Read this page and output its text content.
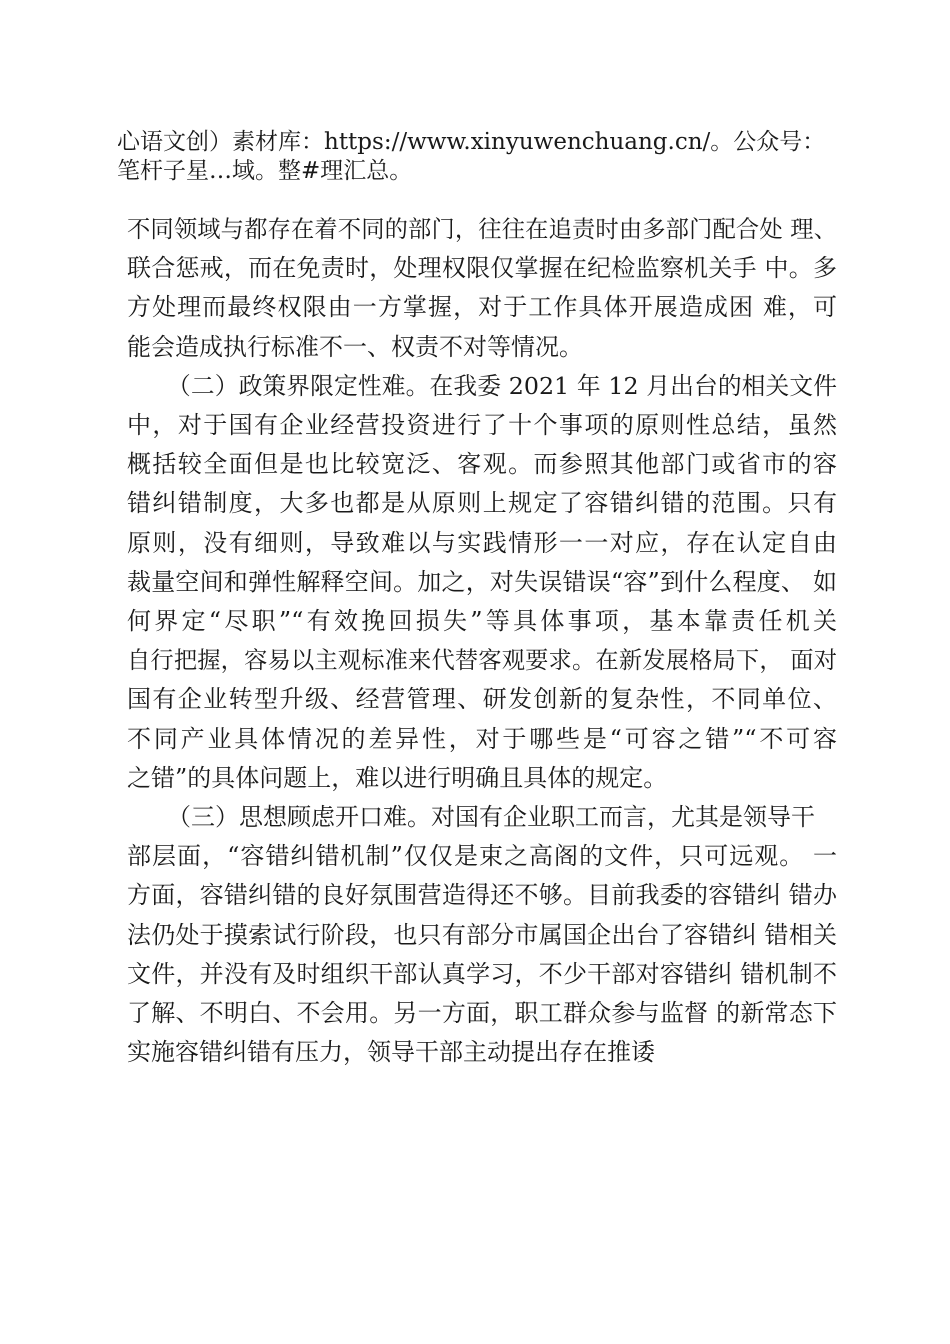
心语文创）素材库：https://www.xinyuwenchuang.cn/。公众号：
笔杆子星…域。整#理汇总。
不同领域与都存在着不同的部门，往往在追责时由多部门配合处 理、
联合惩戒，而在免责时，处理权限仅掌握在纪检监察机关手 中。多
方处理而最终权限由一方掌握，对于工作具体开展造成困 难，可
能会造成执行标准不一、权责不对等情况。
（二）政策界限定性难。在我委 2021 年 12 月出台的相关文件
中，对于国有企业经营投资进行了十个事项的原则性总结，虽然
概括较全面但是也比较宽泛、客观。而参照其他部门或省市的容
错纠错制度，大多也都是从原则上规定了容错纠错的范围。只有
原则，没有细则，导致难以与实践情形一一对应，存在认定自由
裁量空间和弹性解释空间。加之，对失误错误“容”到什么程度、 如
何界定“尽职”“有效挽回损失”等具体事项，基本靠责任机关
自行把握，容易以主观标准来代替客观要求。在新发展格局下， 面对
国有企业转型升级、经营管理、研发创新的复杂性，不同单位、
不同产业具体情况的差异性，对于哪些是“可容之错”“不可容
之错”的具体问题上，难以进行明确且具体的规定。
（三）思想顾虑开口难。对国有企业职工而言，尤其是领导干
部层面，“容错纠错机制”仅仅是束之高阁的文件，只可远观。 一
方面，容错纠错的良好氛围营造得还不够。目前我委的容错纠 错办
法仍处于摸索试行阶段，也只有部分市属国企出台了容错纠 错相关
文件，并没有及时组织干部认真学习，不少干部对容错纠 错机制不
了解、不明白、不会用。另一方面，职工群众参与监督 的新常态下
实施容错纠错有压力，领导干部主动提出存在推诿
